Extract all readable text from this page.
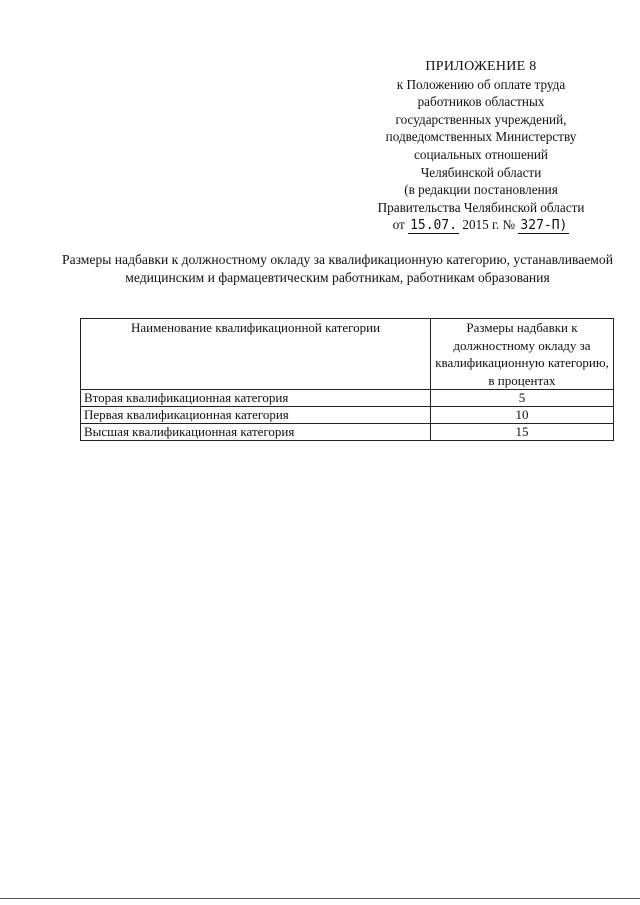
ПРИЛОЖЕНИЕ 8
к Положению об оплате труда
работников областных
государственных учреждений,
подведомственных Министерству
социальных отношений
Челябинской области
(в редакции постановления
Правительства Челябинской области
от 15.07. 2015 г. № 327-П)
Размеры надбавки к должностному окладу за квалификационную категорию, устанавливаемой медицинским и фармацевтическим работникам, работникам образования
Наименование квалификационной категории	Размеры надбавки к должностному окладу за квалификационную категорию, в процентах
Вторая квалификационная категория	5
Первая квалификационная категория	10
Высшая квалификационная категория	15
